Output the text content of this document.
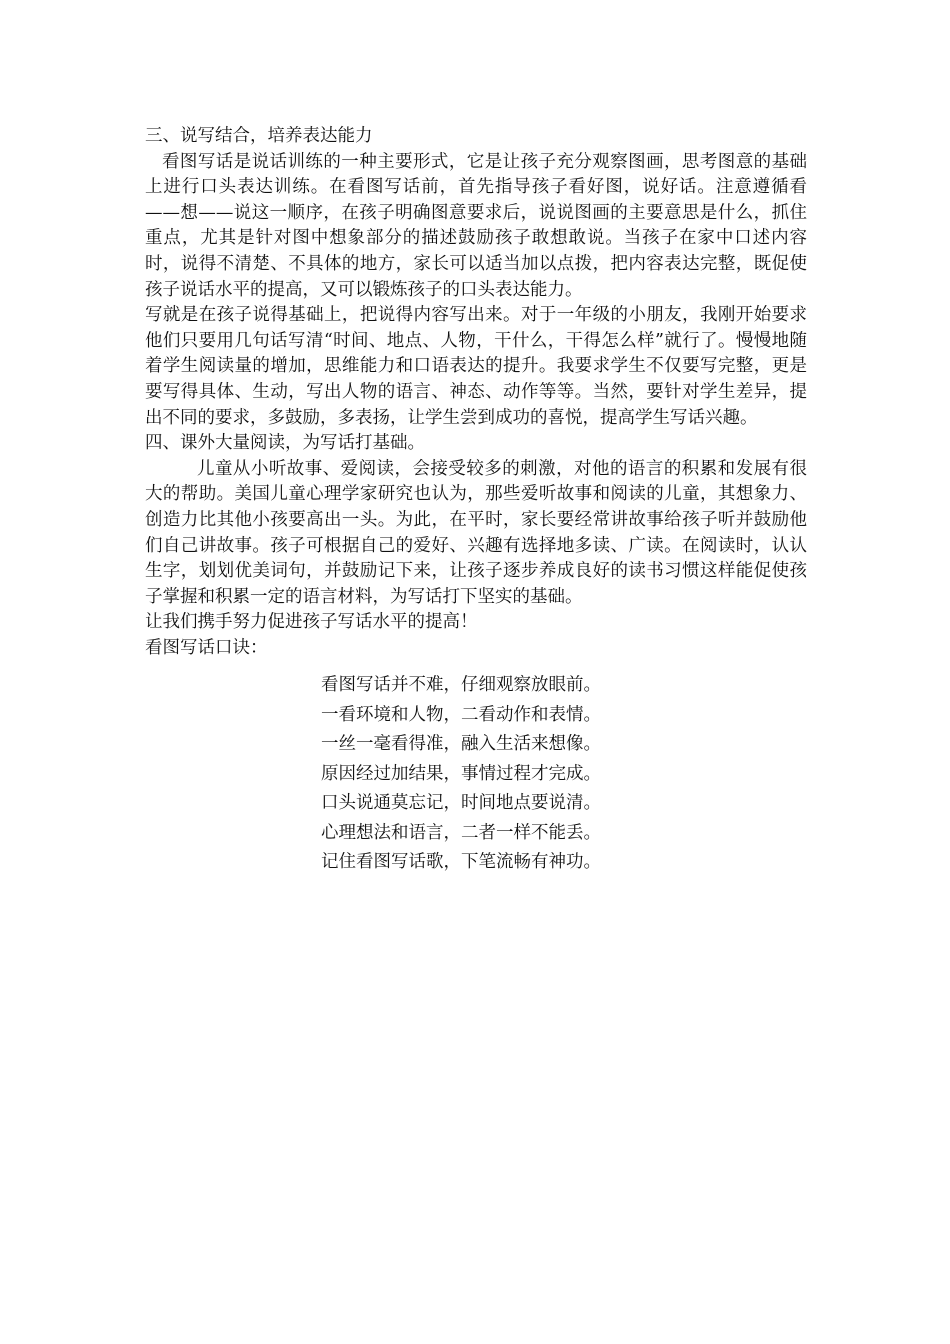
三、说写结合，培养表达能力

看图写话是说话训练的一种主要形式，它是让孩子充分观察图画，思考图意的基础上进行口头表达训练。在看图写话前，首先指导孩子看好图，说好话。注意遵循看——想——说这一顺序，在孩子明确图意要求后，说说图画的主要意思是什么，抓住重点，尤其是针对图中想象部分的描述鼓励孩子敢想敢说。当孩子在家中口述内容时，说得不清楚、不具体的地方，家长可以适当加以点拨，把内容表达完整，既促使孩子说话水平的提高，又可以锻炼孩子的口头表达能力。

写就是在孩子说得基础上，把说得内容写出来。对于一年级的小朋友，我刚开始要求他们只要用几句话写清“时间、地点、人物，干什么，干得怎么样”就行了。慢慢地随着学生阅读量的增加，思维能力和口语表达的提升。我要求学生不仅要写完整，更是要写得具体、生动，写出人物的语言、神态、动作等等。当然，要针对学生差异，提出不同的要求，多鼓励，多表扬，让学生尝到成功的喜悦，提高学生写话兴趣。

四、课外大量阅读，为写话打基础。

儿童从小听故事、爱阅读，会接受较多的刺激，对他的语言的积累和发展有很大的帮助。美国儿童心理学家研究也认为，那些爱听故事和阅读的儿童，其想象力、创造力比其他小孩要高出一头。为此，在平时，家长要经常讲故事给孩子听并鼓励他们自己讲故事。孩子可根据自己的爱好、兴趣有选择地多读、广读。在阅读时，认认生字，划划优美词句，并鼓励记下来，让孩子逐步养成良好的读书习惯这样能促使孩子掌握和积累一定的语言材料，为写话打下坚实的基础。

让我们携手努力促进孩子写话水平的提高！

看图写话口诀：

看图写话并不难，仔细观察放眼前。
一看环境和人物，二看动作和表情。
一丝一毫看得准，融入生活来想像。
原因经过加结果，事情过程才完成。
口头说通莫忘记，时间地点要说清。
心理想法和语言，二者一样不能丢。
记住看图写话歌，下笔流畅有神功。
